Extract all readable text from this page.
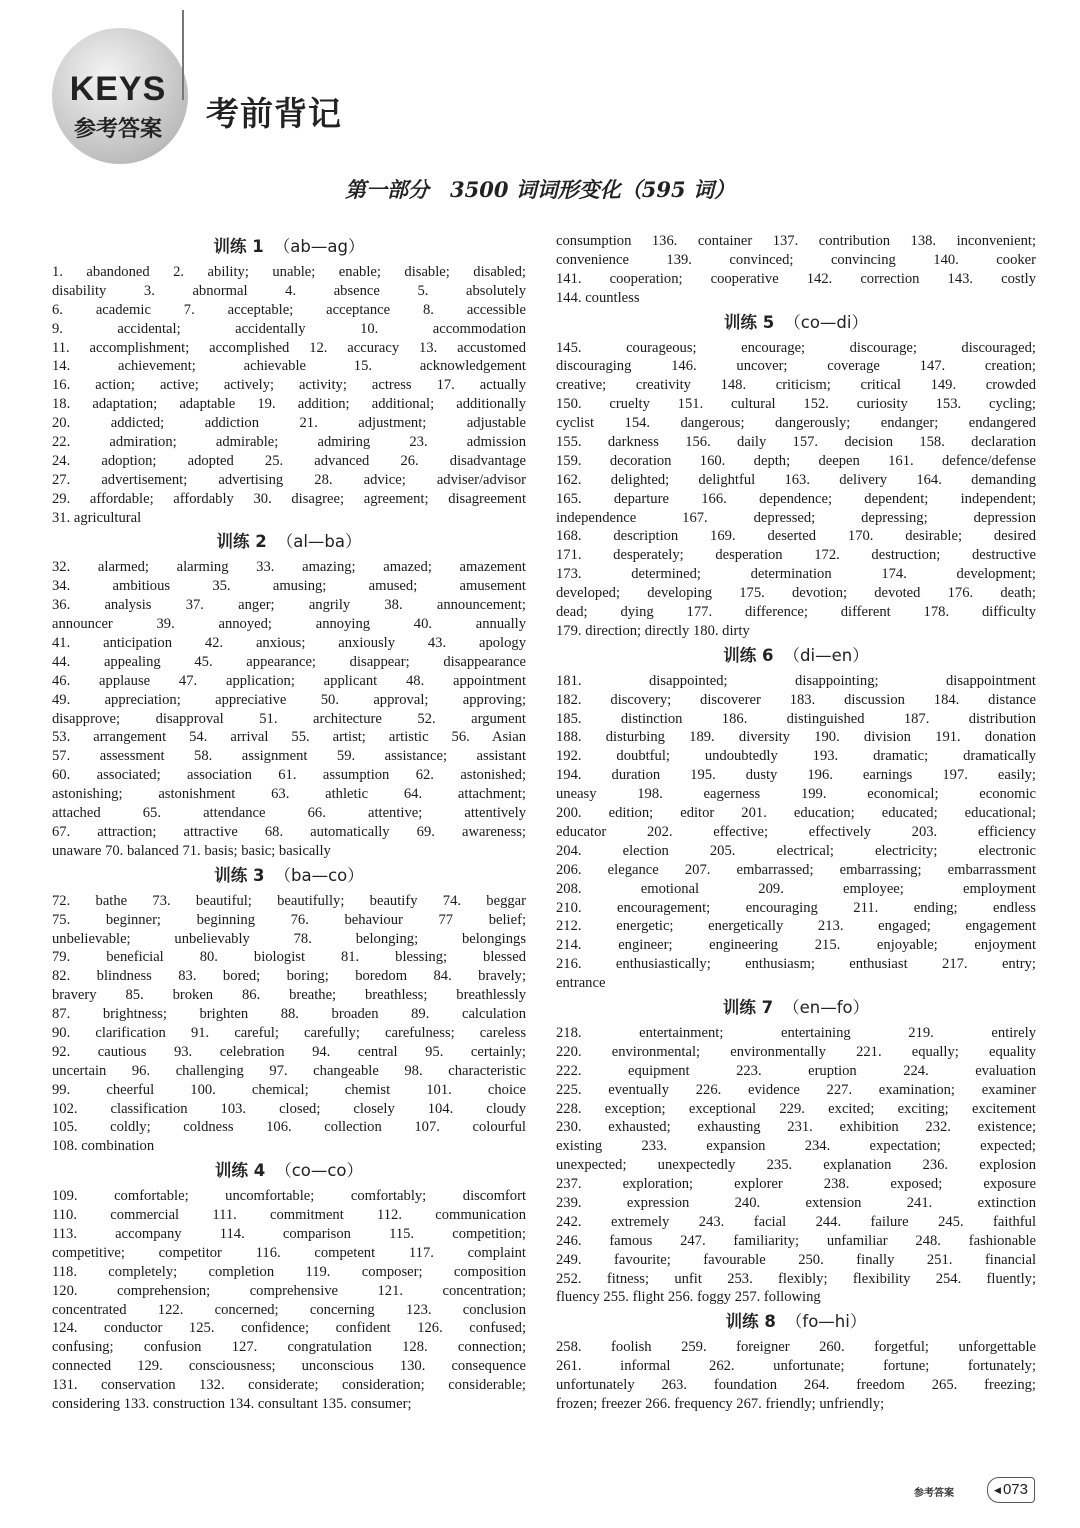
KEYS
参考答案	考前背记
第一部分　3500 词词形变化（595 词）
训练 1 （ab—ag）
1. abandoned 2. ability; unable; enable; disable; disabled;
disability 3. abnormal 4. absence 5. absolutely
6. academic 7. acceptable; acceptance 8. accessible
9. accidental; accidentally 10. accommodation
11. accomplishment; accomplished 12. accuracy 13. accustomed
14. achievement; achievable 15. acknowledgement
16. action; active; actively; activity; actress 17. actually
18. adaptation; adaptable 19. addition; additional; additionally
20. addicted; addiction 21. adjustment; adjustable
22. admiration; admirable; admiring 23. admission
24. adoption; adopted 25. advanced 26. disadvantage
27. advertisement; advertising 28. advice; adviser/advisor
29. affordable; affordably 30. disagree; agreement; disagreement
31. agricultural
训练 2 （al—ba）
32. alarmed; alarming 33. amazing; amazed; amazement
34. ambitious 35. amusing; amused; amusement
36. analysis 37. anger; angrily 38. announcement;
announcer 39. annoyed; annoying 40. annually
41. anticipation 42. anxious; anxiously 43. apology
44. appealing 45. appearance; disappear; disappearance
46. applause 47. application; applicant 48. appointment
49. appreciation; appreciative 50. approval; approving;
disapprove; disapproval 51. architecture 52. argument
53. arrangement 54. arrival 55. artist; artistic 56. Asian
57. assessment 58. assignment 59. assistance; assistant
60. associated; association 61. assumption 62. astonished;
astonishing; astonishment 63. athletic 64. attachment;
attached 65. attendance 66. attentive; attentively
67. attraction; attractive 68. automatically 69. awareness;
unaware 70. balanced 71. basis; basic; basically
训练 3 （ba—co）
72. bathe 73. beautiful; beautifully; beautify 74. beggar
75. beginner; beginning 76. behaviour 77 belief;
unbelievable; unbelievably 78. belonging; belongings
79. beneficial 80. biologist 81. blessing; blessed
82. blindness 83. bored; boring; boredom 84. bravely;
bravery 85. broken 86. breathe; breathless; breathlessly
87. brightness; brighten 88. broaden 89. calculation
90. clarification 91. careful; carefully; carefulness; careless
92. cautious 93. celebration 94. central 95. certainly;
uncertain 96. challenging 97. changeable 98. characteristic
99. cheerful 100. chemical; chemist 101. choice
102. classification 103. closed; closely 104. cloudy
105. coldly; coldness 106. collection 107. colourful
108. combination
训练 4 （co—co）
109. comfortable; uncomfortable; comfortably; discomfort
110. commercial 111. commitment 112. communication
113. accompany 114. comparison 115. competition;
competitive; competitor 116. competent 117. complaint
118. completely; completion 119. composer; composition
120. comprehension; comprehensive 121. concentration;
concentrated 122. concerned; concerning 123. conclusion
124. conductor 125. confidence; confident 126. confused;
confusing; confusion 127. congratulation 128. connection;
connected 129. consciousness; unconscious 130. consequence
131. conservation 132. considerate; consideration; considerable;
considering 133. construction 134. consultant 135. consumer;
consumption 136. container 137. contribution 138. inconvenient;
convenience 139. convinced; convincing 140. cooker
141. cooperation; cooperative 142. correction 143. costly
144. countless
训练 5 （co—di）
145. courageous; encourage; discourage; discouraged;
discouraging 146. uncover; coverage 147. creation;
creative; creativity 148. criticism; critical 149. crowded
150. cruelty 151. cultural 152. curiosity 153. cycling;
cyclist 154. dangerous; dangerously; endanger; endangered
155. darkness 156. daily 157. decision 158. declaration
159. decoration 160. depth; deepen 161. defence/defense
162. delighted; delightful 163. delivery 164. demanding
165. departure 166. dependence; dependent; independent;
independence 167. depressed; depressing; depression
168. description 169. deserted 170. desirable; desired
171. desperately; desperation 172. destruction; destructive
173. determined; determination 174. development;
developed; developing 175. devotion; devoted 176. death;
dead; dying 177. difference; different 178. difficulty
179. direction; directly 180. dirty
训练 6 （di—en）
181. disappointed; disappointing; disappointment
182. discovery; discoverer 183. discussion 184. distance
185. distinction 186. distinguished 187. distribution
188. disturbing 189. diversity 190. division 191. donation
192. doubtful; undoubtedly 193. dramatic; dramatically
194. duration 195. dusty 196. earnings 197. easily;
uneasy 198. eagerness 199. economical; economic
200. edition; editor 201. education; educated; educational;
educator 202. effective; effectively 203. efficiency
204. election 205. electrical; electricity; electronic
206. elegance 207. embarrassed; embarrassing; embarrassment
208. emotional 209. employee; employment
210. encouragement; encouraging 211. ending; endless
212. energetic; energetically 213. engaged; engagement
214. engineer; engineering 215. enjoyable; enjoyment
216. enthusiastically; enthusiasm; enthusiast 217. entry;
entrance
训练 7 （en—fo）
218. entertainment; entertaining 219. entirely
220. environmental; environmentally 221. equally; equality
222. equipment 223. eruption 224. evaluation
225. eventually 226. evidence 227. examination; examiner
228. exception; exceptional 229. excited; exciting; excitement
230. exhausted; exhausting 231. exhibition 232. existence;
existing 233. expansion 234. expectation; expected;
unexpected; unexpectedly 235. explanation 236. explosion
237. exploration; explorer 238. exposed; exposure
239. expression 240. extension 241. extinction
242. extremely 243. facial 244. failure 245. faithful
246. famous 247. familiarity; unfamiliar 248. fashionable
249. favourite; favourable 250. finally 251. financial
252. fitness; unfit 253. flexibly; flexibility 254. fluently;
fluency 255. flight 256. foggy 257. following
训练 8 （fo—hi）
258. foolish 259. foreigner 260. forgetful; unforgettable
261. informal 262. unfortunate; fortune; fortunately;
unfortunately 263. foundation 264. freedom 265. freezing;
frozen; freezer 266. frequency 267. friendly; unfriendly;
参考答案	◀ 073
